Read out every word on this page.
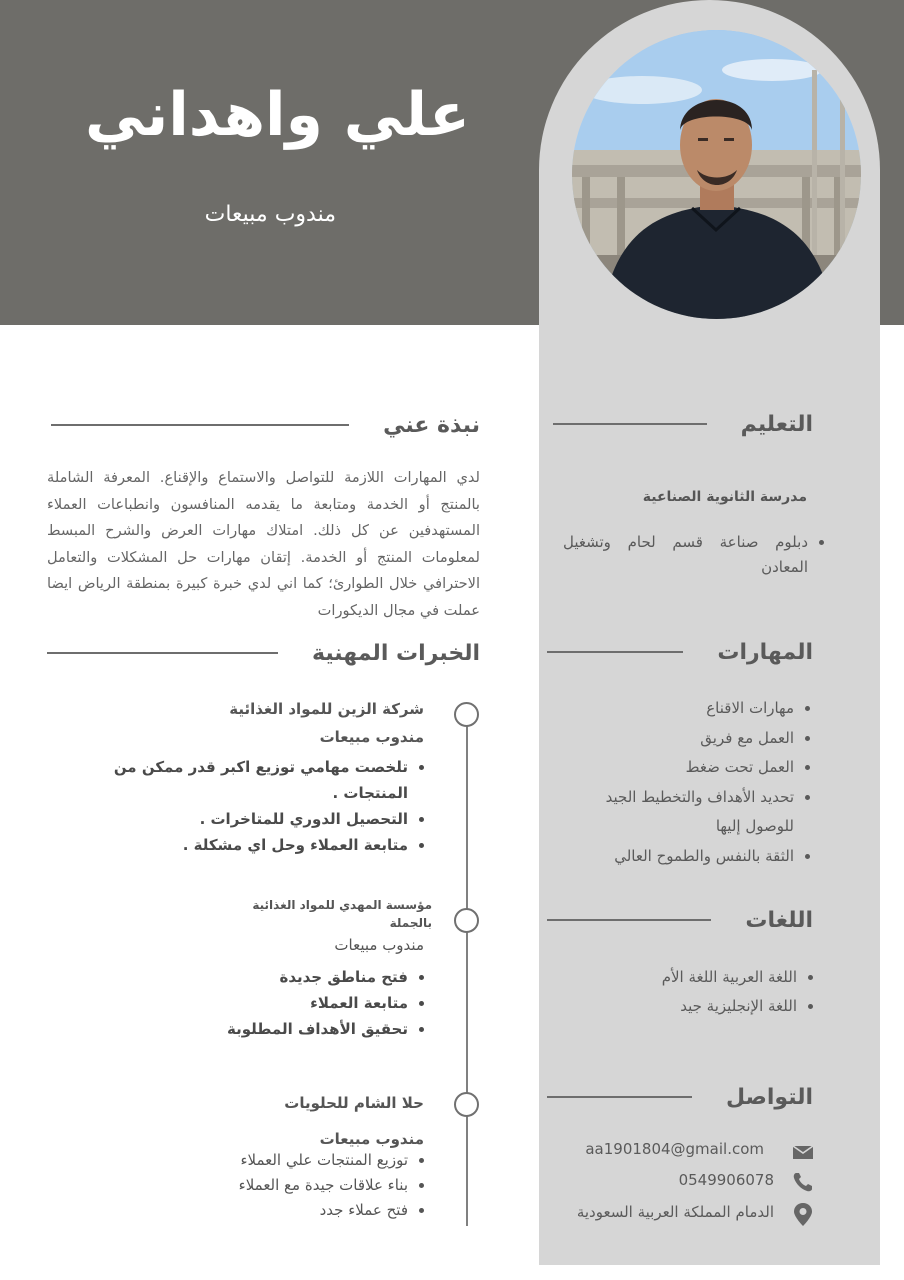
علي واهداني
مندوب مبيعات
نبذة عني
لدي المهارات اللازمة للتواصل والاستماع والإقناع. المعرفة الشاملة بالمنتج أو الخدمة ومتابعة ما يقدمه المنافسون وانطباعات العملاء المستهدفين عن كل ذلك. امتلاك مهارات العرض والشرح المبسط لمعلومات المنتج أو الخدمة. إتقان مهارات حل المشكلات والتعامل الاحترافي خلال الطوارئ؛ كما اني لدي خبرة كبيرة بمنطقة الرياض ايضا عملت في مجال الديكورات
الخبرات المهنية
شركة الزين للمواد الغذائية
مندوب مبيعات
• تلخصت مهامي توزيع اكبر قدر ممكن من المنتجات .
• التحصيل الدوري للمتاخرات .
• متابعة العملاء وحل اي مشكلة .
مؤسسة المهدي للمواد الغذائية
بالجملة
مندوب مبيعات
• فتح مناطق جديدة
• متابعة العملاء
• تحقيق الأهداف المطلوبة
حلا الشام للحلويات
مندوب مبيعات
• توزيع المنتجات علي العملاء
• بناء علاقات جيدة مع العملاء
• فتح عملاء جدد
التعليم
مدرسة الثانوية الصناعية
• دبلوم صناعة قسم لحام وتشغيل المعادن
المهارات
• مهارات الاقناع
• العمل مع فريق
• العمل تحت ضغط
• تحديد الأهداف والتخطيط الجيد للوصول إليها
• الثقة بالنفس والطموح العالي
اللغات
• اللغة العربية اللغة الأم
• اللغة الإنجليزية جيد
التواصل
aa1901804@gmail.com
0549906078
الدمام المملكة العربية السعودية
